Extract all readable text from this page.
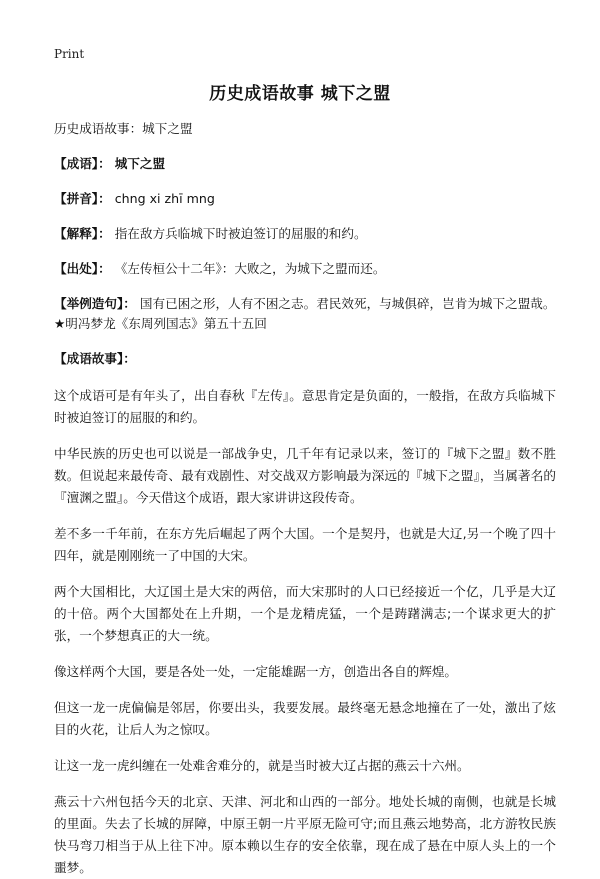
Print
历史成语故事 城下之盟

历史成语故事：城下之盟

【成语】： 城下之盟

【拼音】： chng xi zhī mng

【解释】： 指在敌方兵临城下时被迫签订的屈服的和约。

【出处】： 《左传桓公十二年》：大败之，为城下之盟而还。

【举例造句】： 国有已困之形，人有不困之志。君民效死，与城俱碎，岂肯为城下之盟哉。 ★明冯梦龙《东周列国志》第五十五回

【成语故事】：

这个成语可是有年头了，出自春秋『左传』。意思肯定是负面的，一般指，在敌方兵临城下时被迫签订的屈服的和约。

中华民族的历史也可以说是一部战争史，几千年有记录以来，签订的『城下之盟』数不胜数。但说起来最传奇、最有戏剧性、对交战双方影响最为深远的『城下之盟』，当属著名的『澶渊之盟』。今天借这个成语，跟大家讲讲这段传奇。

差不多一千年前，在东方先后崛起了两个大国。一个是契丹，也就是大辽,另一个晚了四十四年，就是刚刚统一了中国的大宋。

两个大国相比，大辽国土是大宋的两倍，而大宋那时的人口已经接近一个亿，几乎是大辽的十倍。两个大国都处在上升期，一个是龙精虎猛，一个是踌躇满志;一个谋求更大的扩张，一个梦想真正的大一统。

像这样两个大国，要是各处一处，一定能雄踞一方，创造出各自的辉煌。

但这一龙一虎偏偏是邻居，你要出头，我要发展。最终毫无悬念地撞在了一处，激出了炫目的火花，让后人为之惊叹。

让这一龙一虎纠缠在一处难舍难分的，就是当时被大辽占据的燕云十六州。

燕云十六州包括今天的北京、天津、河北和山西的一部分。地处长城的南侧，也就是长城的里面。失去了长城的屏障，中原王朝一片平原无险可守;而且燕云地势高，北方游牧民族快马弯刀相当于从上往下冲。原本赖以生存的安全依靠，现在成了悬在中原人头上的一个噩梦。
